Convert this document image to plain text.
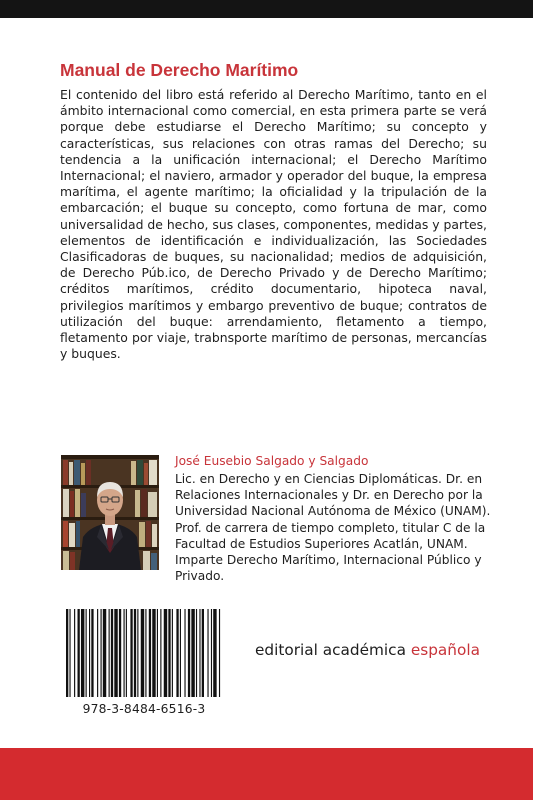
Manual de Derecho Marítimo
El contenido del libro está referido al Derecho Marítimo, tanto en el ámbito internacional como comercial, en esta primera parte se verá porque debe estudiarse el Derecho Marítimo; su concepto y características, sus relaciones con otras ramas del Derecho; su tendencia a la unificación internacional; el Derecho Marítimo Internacional; el naviero, armador y operador del buque, la empresa marítima, el agente marítimo; la oficialidad y la tripulación de la embarcación; el buque su concepto, como fortuna de mar, como universalidad de hecho, sus clases, componentes, medidas y partes, elementos de identificación e individualización, las Sociedades Clasificadoras de buques, su nacionalidad; medios de adquisición, de Derecho Púb.ico, de Derecho Privado y de Derecho Marítimo; créditos marítimos, crédito documentario, hipoteca naval, privilegios marítimos y embargo preventivo de buque; contratos de utilización del buque: arrendamiento, fletamento a tiempo, fletamento por viaje, trabnsporte marítimo de personas, mercancías y buques.
José Eusebio Salgado y Salgado
Lic. en Derecho y en Ciencias Diplomáticas. Dr. en Relaciones Internacionales y Dr. en Derecho por la Universidad Nacional Autónoma de México (UNAM). Prof. de carrera de tiempo completo, titular C de la Facultad de Estudios Superiores Acatlán, UNAM. Imparte Derecho Marítimo, Internacional Público y Privado.
978-3-8484-6516-3
editorial académica española
